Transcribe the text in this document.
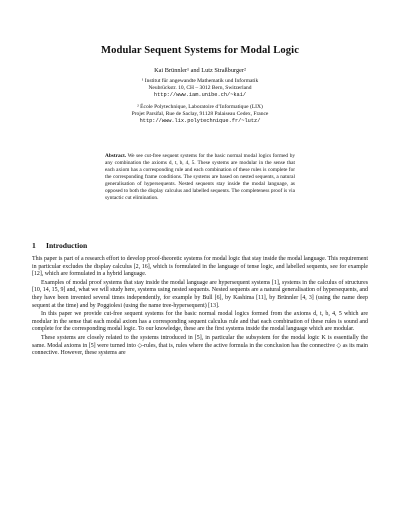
Modular Sequent Systems for Modal Logic
Kai Brünnler¹ and Lutz Straßburger²
¹ Institut für angewandte Mathematik und Informatik
Neubrückstr. 10, CH – 3012 Bern, Switzerland
http://www.iam.unibe.ch/~kai/
² École Polytechnique, Laboratoire d’Informatique (LIX)
Projet Parsifal, Rue de Saclay, 91128 Palaiseau Cedex, France
http://www.lix.polytechnique.fr/~lutz/
Abstract. We see cut-free sequent systems for the basic normal modal logics formed by any combination the axioms d, t, b, 4, 5. These systems are modular in the sense that each axiom has a corresponding rule and each combination of these rules is complete for the corresponding frame conditions. The systems are based on nested sequents, a natural generalisation of hypersequents. Nested sequents stay inside the modal language, as opposed to both the display calculus and labelled sequents. The completeness proof is via syntactic cut elimination.
1 Introduction

This paper is part of a research effort to develop proof-theoretic systems for modal logic that stay inside the modal language. This requirement in particular excludes the display calculus [2, 16], which is formulated in the language of tense logic, and labelled sequents, see for example [12], which are formulated in a hybrid language.

Examples of modal proof systems that stay inside the modal language are hypersequent systems [1], systems in the calculus of structures [10, 14, 15, 9] and, what we will study here, systems using nested sequents. Nested sequents are a natural generalisation of hypersequents, and they have been invented several times independently, for example by Bull [6], by Kashima [11], by Brünnler [4, 3] (using the name deep sequent at the time) and by Poggiolesi (using the name tree-hypersequent) [13].

In this paper we provide cut-free sequent systems for the basic normal modal logics formed from the axioms d, t, b, 4, 5 which are modular in the sense that each modal axiom has a corresponding sequent calculus rule and that each combination of these rules is sound and complete for the corresponding modal logic. To our knowledge, these are the first systems inside the modal language which are modular.

These systems are closely related to the systems introduced in [5], in particular the subsystem for the modal logic K is essentially the same. Modal axioms in [5] were turned into ◇-rules, that is, rules where the active formula in the conclusion has the connective ◇ as its main connective. However, these systems are
